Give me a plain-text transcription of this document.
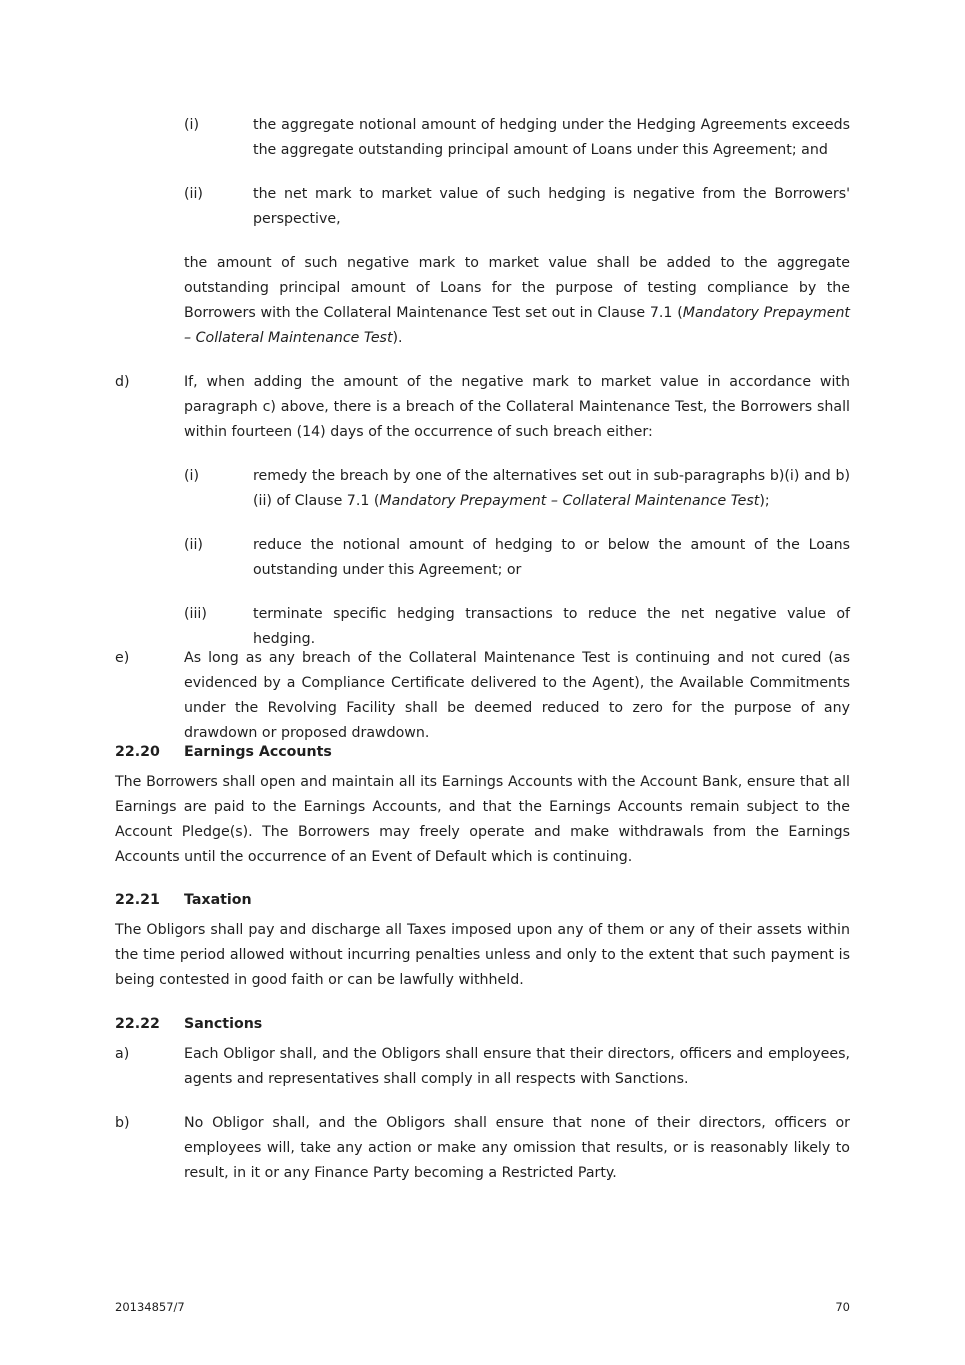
(i)	the aggregate notional amount of hedging under the Hedging Agreements exceeds the aggregate outstanding principal amount of Loans under this Agreement; and

(ii)	the net mark to market value of such hedging is negative from the Borrowers' perspective,

the amount of such negative mark to market value shall be added to the aggregate outstanding principal amount of Loans for the purpose of testing compliance by the Borrowers with the Collateral Maintenance Test set out in Clause 7.1 (Mandatory Prepayment – Collateral Maintenance Test).

d)	If, when adding the amount of the negative mark to market value in accordance with paragraph c) above, there is a breach of the Collateral Maintenance Test, the Borrowers shall within fourteen (14) days of the occurrence of such breach either:

(i)	remedy the breach by one of the alternatives set out in sub-paragraphs b)(i) and b)(ii) of Clause 7.1 (Mandatory Prepayment – Collateral Maintenance Test);

(ii)	reduce the notional amount of hedging to or below the amount of the Loans outstanding under this Agreement; or

(iii)	terminate specific hedging transactions to reduce the net negative value of hedging.

e)	As long as any breach of the Collateral Maintenance Test is continuing and not cured (as evidenced by a Compliance Certificate delivered to the Agent), the Available Commitments under the Revolving Facility shall be deemed reduced to zero for the purpose of any drawdown or proposed drawdown.

22.20 Earnings Accounts

The Borrowers shall open and maintain all its Earnings Accounts with the Account Bank, ensure that all Earnings are paid to the Earnings Accounts, and that the Earnings Accounts remain subject to the Account Pledge(s). The Borrowers may freely operate and make withdrawals from the Earnings Accounts until the occurrence of an Event of Default which is continuing.

22.21 Taxation

The Obligors shall pay and discharge all Taxes imposed upon any of them or any of their assets within the time period allowed without incurring penalties unless and only to the extent that such payment is being contested in good faith or can be lawfully withheld.

22.22 Sanctions
a)	Each Obligor shall, and the Obligors shall ensure that their directors, officers and employees, agents and representatives shall comply in all respects with Sanctions.

b)	No Obligor shall, and the Obligors shall ensure that none of their directors, officers or employees will, take any action or make any omission that results, or is reasonably likely to result, in it or any Finance Party becoming a Restricted Party.

20134857/7	70
